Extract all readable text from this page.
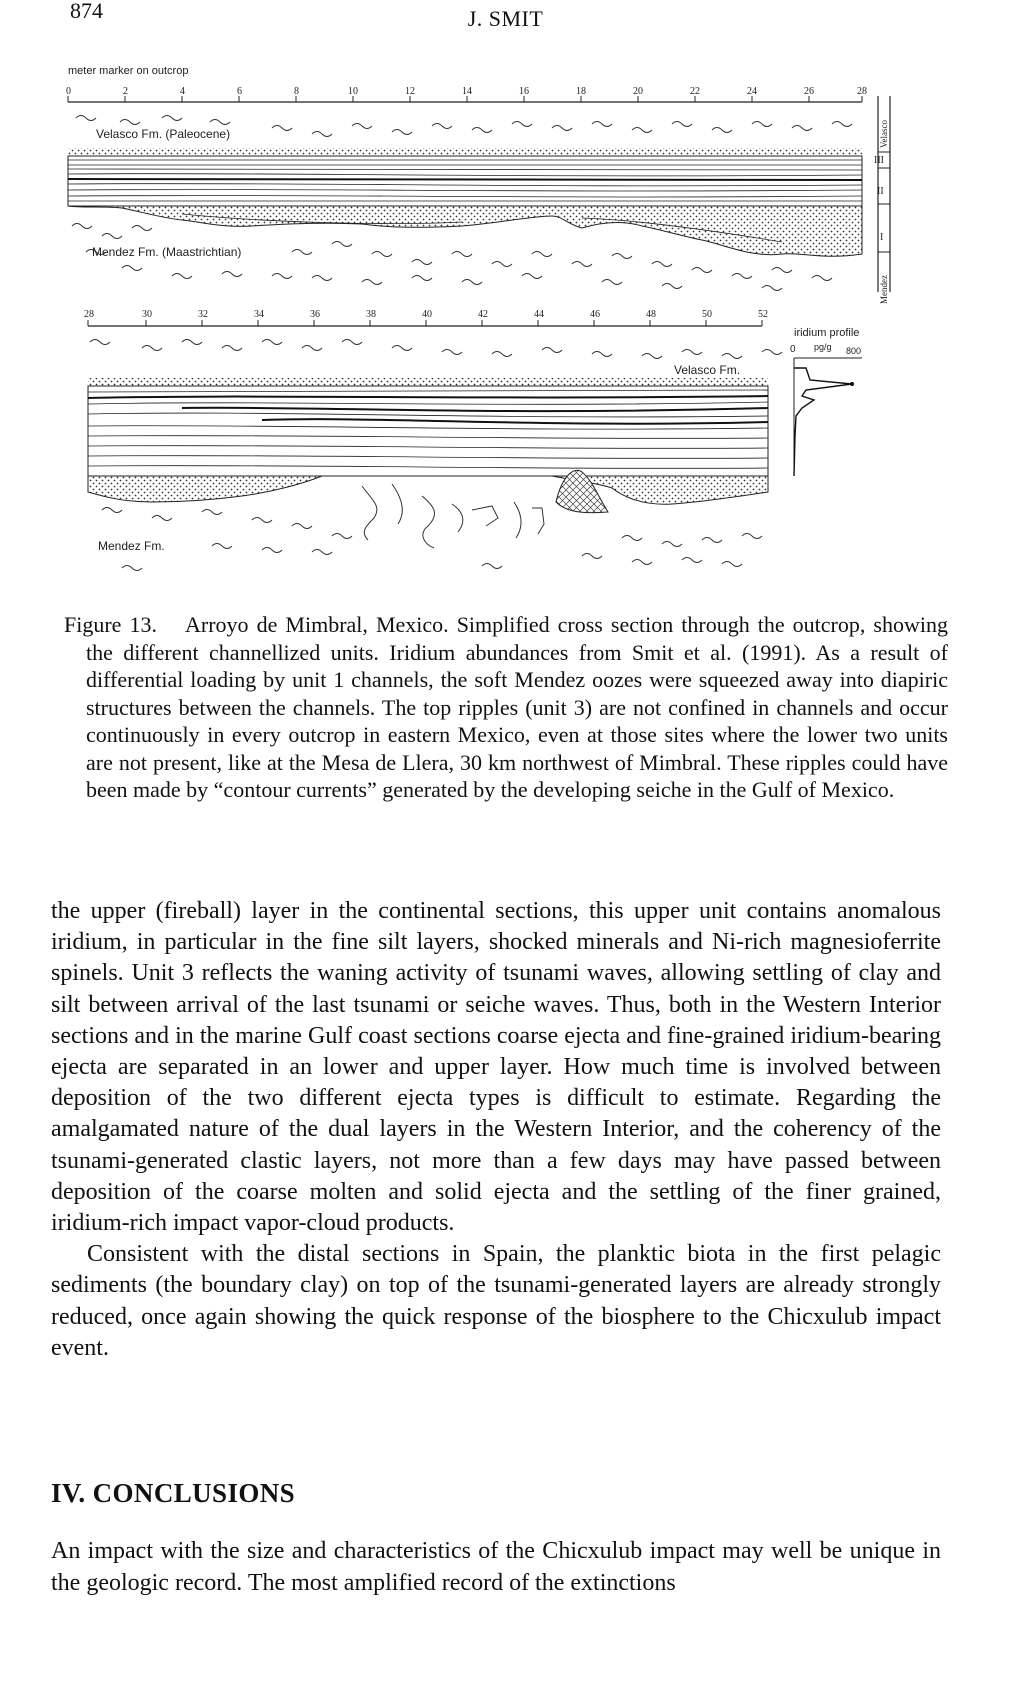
874	J. SMIT
meter marker on outcrop
0	2	4	6	8	10	12	14	16	18	20	22	24	26	28
Velasco Fm. (Paleocene)	Velasco
Mendez
III
II
I
Mendez Fm. (Maastrichtian)
28	30	32	34	36	38	40	42	44	46	48	50	52
Velasco Fm.
Mendez Fm.
iridium profile
0 pg/g 800

Figure 13. Arroyo de Mimbral, Mexico. Simplified cross section through the outcrop, showing the different channellized units. Iridium abundances from Smit et al. (1991). As a result of differential loading by unit 1 channels, the soft Mendez oozes were squeezed away into diapiric structures between the channels. The top ripples (unit 3) are not confined in channels and occur continuously in every outcrop in eastern Mexico, even at those sites where the lower two units are not present, like at the Mesa de Llera, 30 km northwest of Mimbral. These ripples could have been made by “contour currents” generated by the developing seiche in the Gulf of Mexico.

the upper (fireball) layer in the continental sections, this upper unit contains anomalous iridium, in particular in the fine silt layers, shocked minerals and Ni-rich magnesioferrite spinels. Unit 3 reflects the waning activity of tsunami waves, allowing settling of clay and silt between arrival of the last tsunami or seiche waves. Thus, both in the Western Interior sections and in the marine Gulf coast sections coarse ejecta and fine-grained iridium-bearing ejecta are separated in an lower and upper layer. How much time is involved between deposition of the two different ejecta types is difficult to estimate. Regarding the amalgamated nature of the dual layers in the Western Interior, and the coherency of the tsunami-generated clastic layers, not more than a few days may have passed between deposition of the coarse molten and solid ejecta and the settling of the finer grained, iridium-rich impact vapor-cloud products.

Consistent with the distal sections in Spain, the planktic biota in the first pelagic sediments (the boundary clay) on top of the tsunami-generated layers are already strongly reduced, once again showing the quick response of the biosphere to the Chicxulub impact event.

IV. CONCLUSIONS

An impact with the size and characteristics of the Chicxulub impact may well be unique in the geologic record. The most amplified record of the extinctions
